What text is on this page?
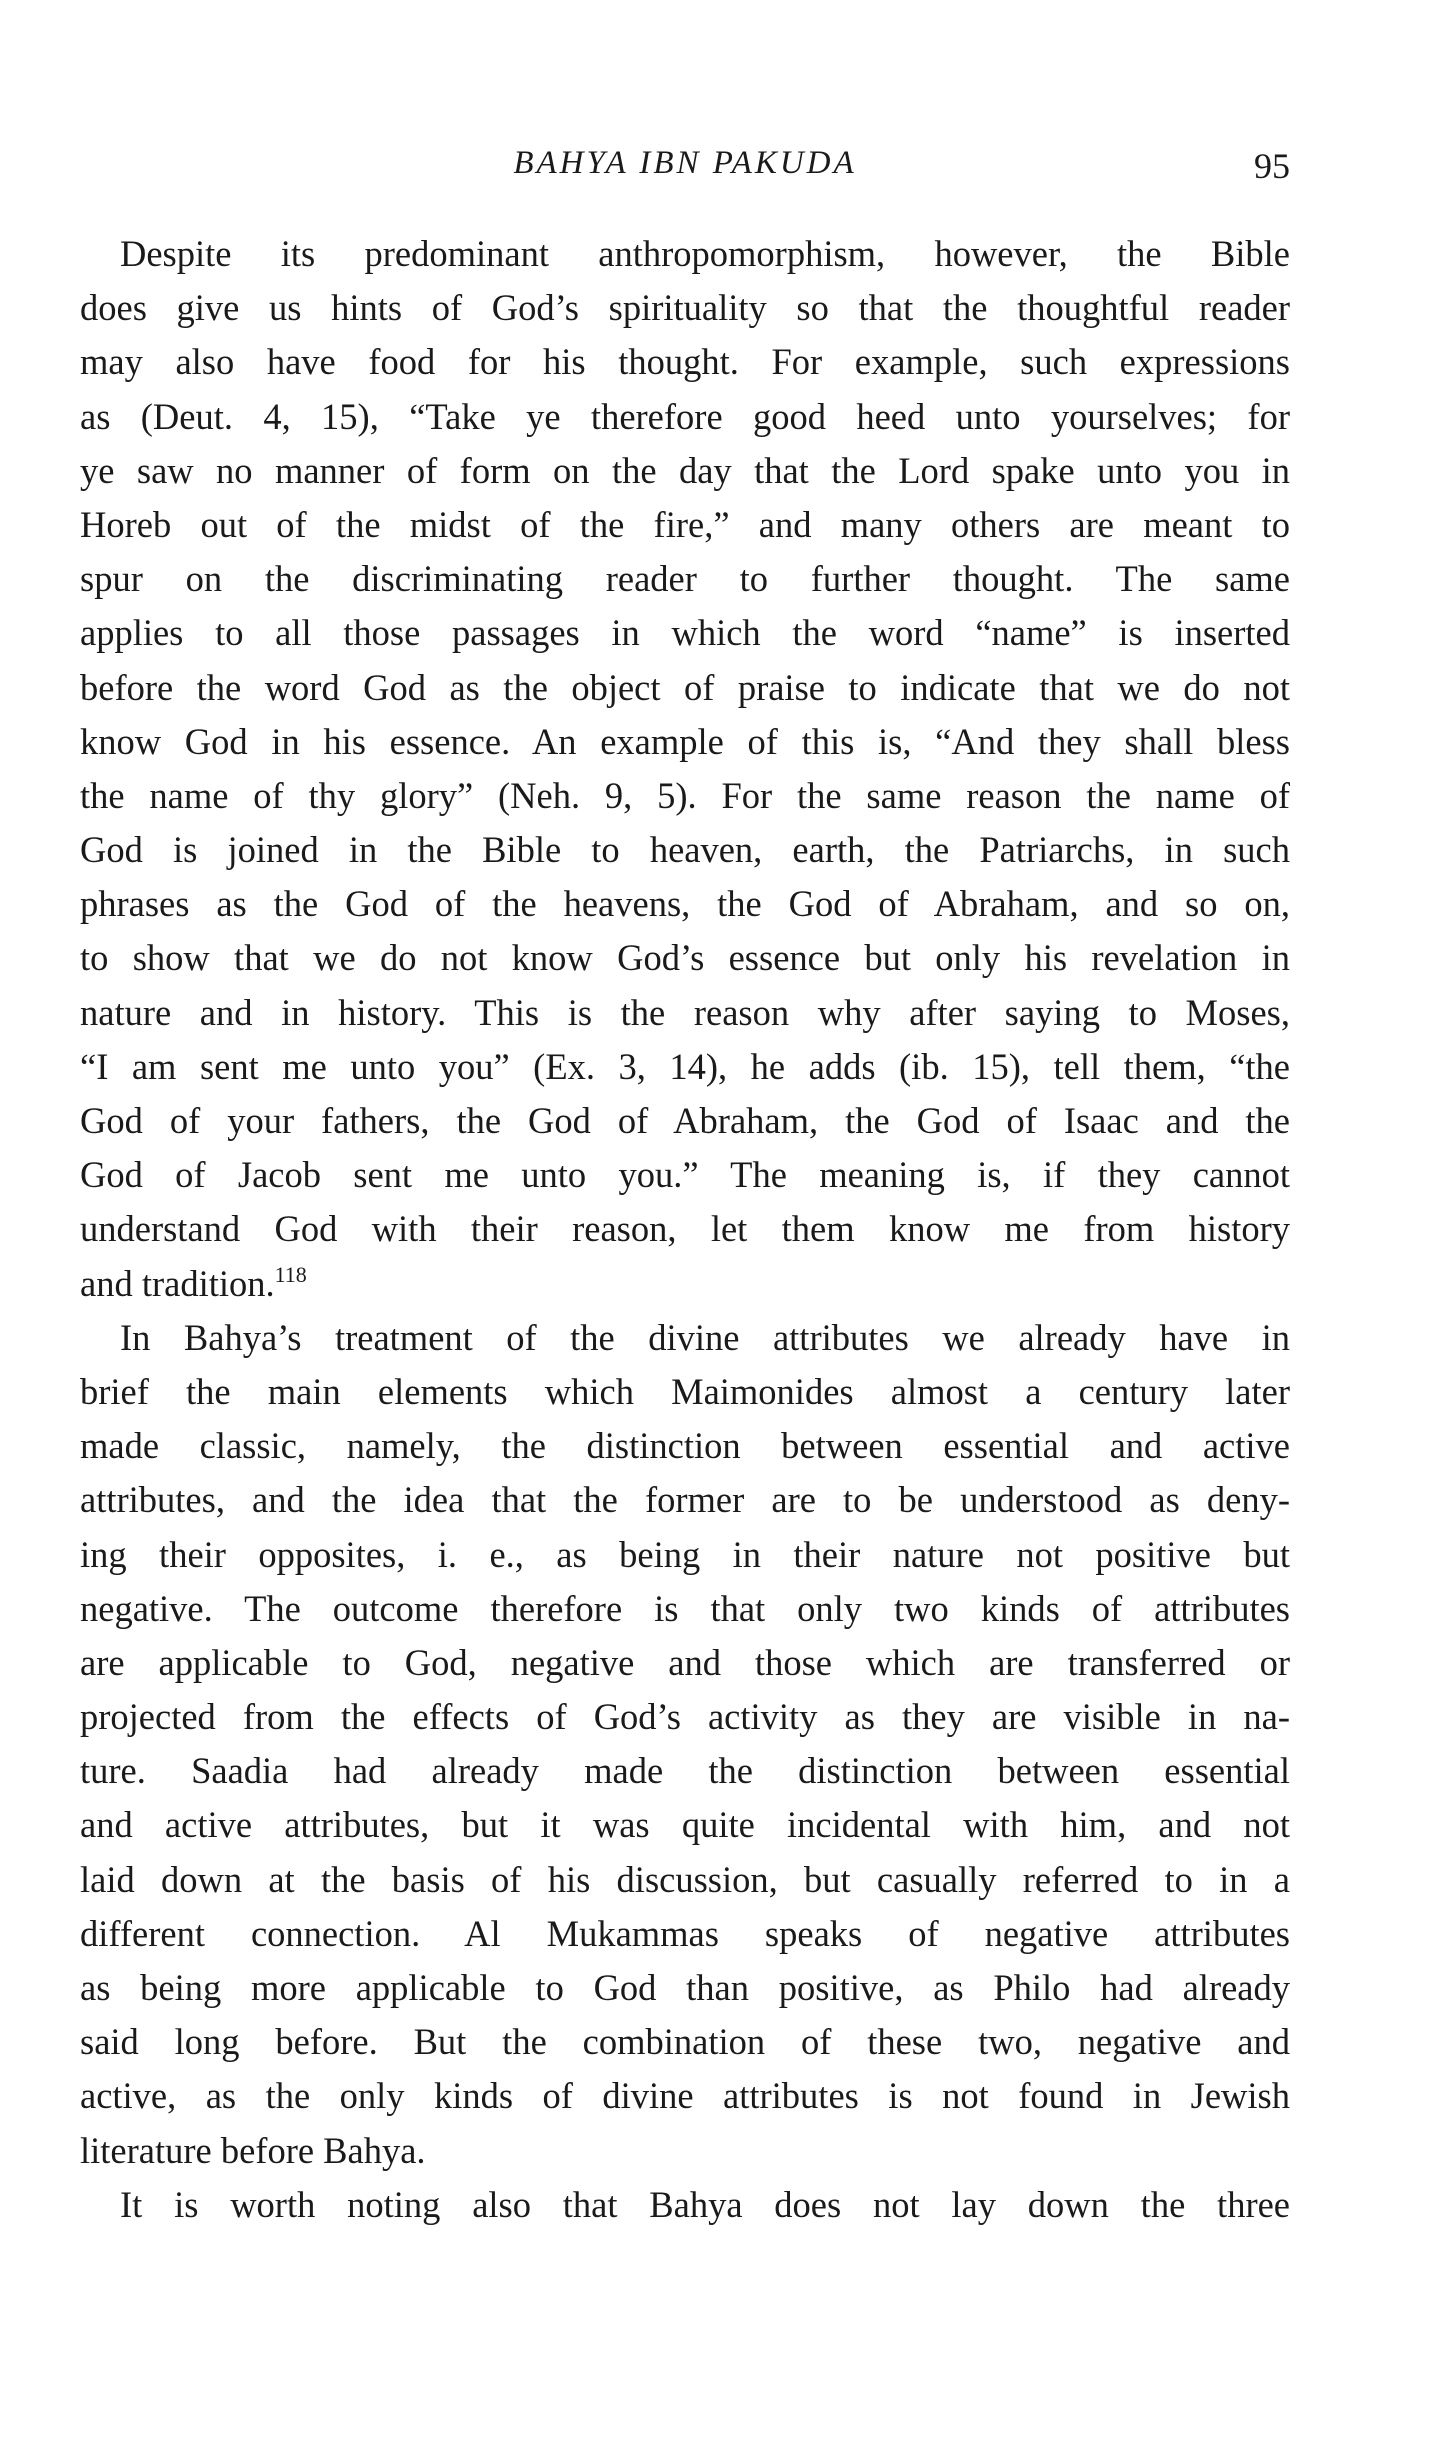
BAHYA IBN PAKUDA	95
Despite its predominant anthropomorphism, however, the Bible
does give us hints of God’s spirituality so that the thoughtful reader
may also have food for his thought. For example, such expressions
as (Deut. 4, 15), “Take ye therefore good heed unto yourselves; for
ye saw no manner of form on the day that the Lord spake unto you in
Horeb out of the midst of the fire,” and many others are meant to
spur on the discriminating reader to further thought. The same
applies to all those passages in which the word “name” is inserted
before the word God as the object of praise to indicate that we do not
know God in his essence. An example of this is, “And they shall bless
the name of thy glory” (Neh. 9, 5). For the same reason the name of
God is joined in the Bible to heaven, earth, the Patriarchs, in such
phrases as the God of the heavens, the God of Abraham, and so on,
to show that we do not know God’s essence but only his revelation in
nature and in history. This is the reason why after saying to Moses,
“I am sent me unto you” (Ex. 3, 14), he adds (ib. 15), tell them, “the
God of your fathers, the God of Abraham, the God of Isaac and the
God of Jacob sent me unto you.” The meaning is, if they cannot
understand God with their reason, let them know me from history
and tradition.$^{118}$
In Bahya’s treatment of the divine attributes we already have in
brief the main elements which Maimonides almost a century later
made classic, namely, the distinction between essential and active
attributes, and the idea that the former are to be understood as deny-
ing their opposites, i. e., as being in their nature not positive but
negative. The outcome therefore is that only two kinds of attributes
are applicable to God, negative and those which are transferred or
projected from the effects of God’s activity as they are visible in na-
ture. Saadia had already made the distinction between essential
and active attributes, but it was quite incidental with him, and not
laid down at the basis of his discussion, but casually referred to in a
different connection. Al Mukammas speaks of negative attributes
as being more applicable to God than positive, as Philo had already
said long before. But the combination of these two, negative and
active, as the only kinds of divine attributes is not found in Jewish
literature before Bahya.
It is worth noting also that Bahya does not lay down the three
